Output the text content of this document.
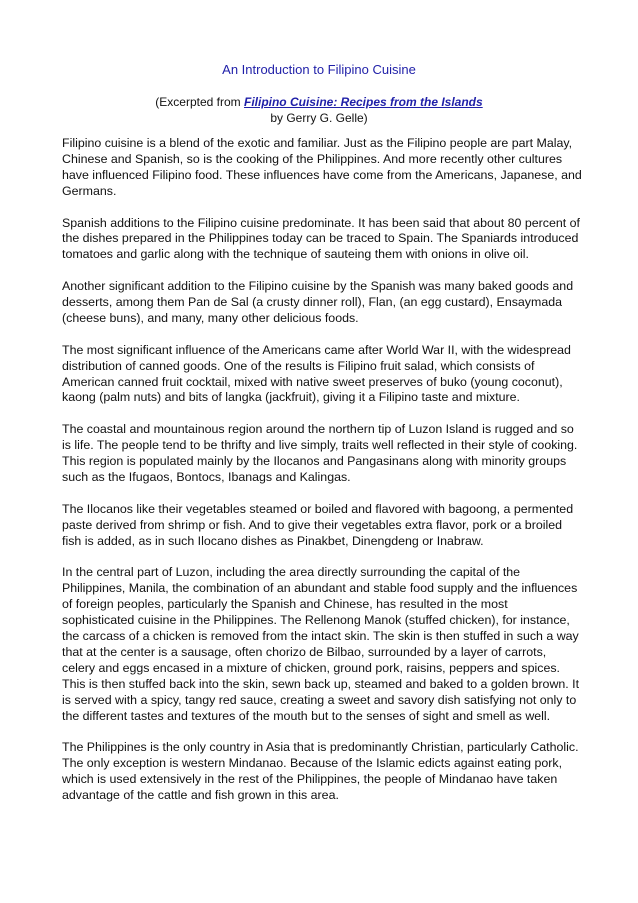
An Introduction to Filipino Cuisine
(Excerpted from Filipino Cuisine: Recipes from the Islands
by Gerry G. Gelle)

Filipino cuisine is a blend of the exotic and familiar. Just as the Filipino people are part Malay, Chinese and Spanish, so is the cooking of the Philippines. And more recently other cultures have influenced Filipino food. These influences have come from the Americans, Japanese, and Germans.

Spanish additions to the Filipino cuisine predominate. It has been said that about 80 percent of the dishes prepared in the Philippines today can be traced to Spain. The Spaniards introduced tomatoes and garlic along with the technique of sauteing them with onions in olive oil.

Another significant addition to the Filipino cuisine by the Spanish was many baked goods and desserts, among them Pan de Sal (a crusty dinner roll), Flan, (an egg custard), Ensaymada (cheese buns), and many, many other delicious foods.

The most significant influence of the Americans came after World War II, with the widespread distribution of canned goods. One of the results is Filipino fruit salad, which consists of American canned fruit cocktail, mixed with native sweet preserves of buko (young coconut), kaong (palm nuts) and bits of langka (jackfruit), giving it a Filipino taste and mixture.

The coastal and mountainous region around the northern tip of Luzon Island is rugged and so is life. The people tend to be thrifty and live simply, traits well reflected in their style of cooking. This region is populated mainly by the Ilocanos and Pangasinans along with minority groups such as the Ifugaos, Bontocs, Ibanags and Kalingas.

The Ilocanos like their vegetables steamed or boiled and flavored with bagoong, a permented paste derived from shrimp or fish. And to give their vegetables extra flavor, pork or a broiled fish is added, as in such Ilocano dishes as Pinakbet, Dinengdeng or Inabraw.

In the central part of Luzon, including the area directly surrounding the capital of the Philippines, Manila, the combination of an abundant and stable food supply and the influences of foreign peoples, particularly the Spanish and Chinese, has resulted in the most sophisticated cuisine in the Philippines. The Rellenong Manok (stuffed chicken), for instance, the carcass of a chicken is removed from the intact skin. The skin is then stuffed in such a way that at the center is a sausage, often chorizo de Bilbao, surrounded by a layer of carrots, celery and eggs encased in a mixture of chicken, ground pork, raisins, peppers and spices. This is then stuffed back into the skin, sewn back up, steamed and baked to a golden brown. It is served with a spicy, tangy red sauce, creating a sweet and savory dish satisfying not only to the different tastes and textures of the mouth but to the senses of sight and smell as well.

The Philippines is the only country in Asia that is predominantly Christian, particularly Catholic. The only exception is western Mindanao. Because of the Islamic edicts against eating pork, which is used extensively in the rest of the Philippines, the people of Mindanao have taken advantage of the cattle and fish grown in this area.
